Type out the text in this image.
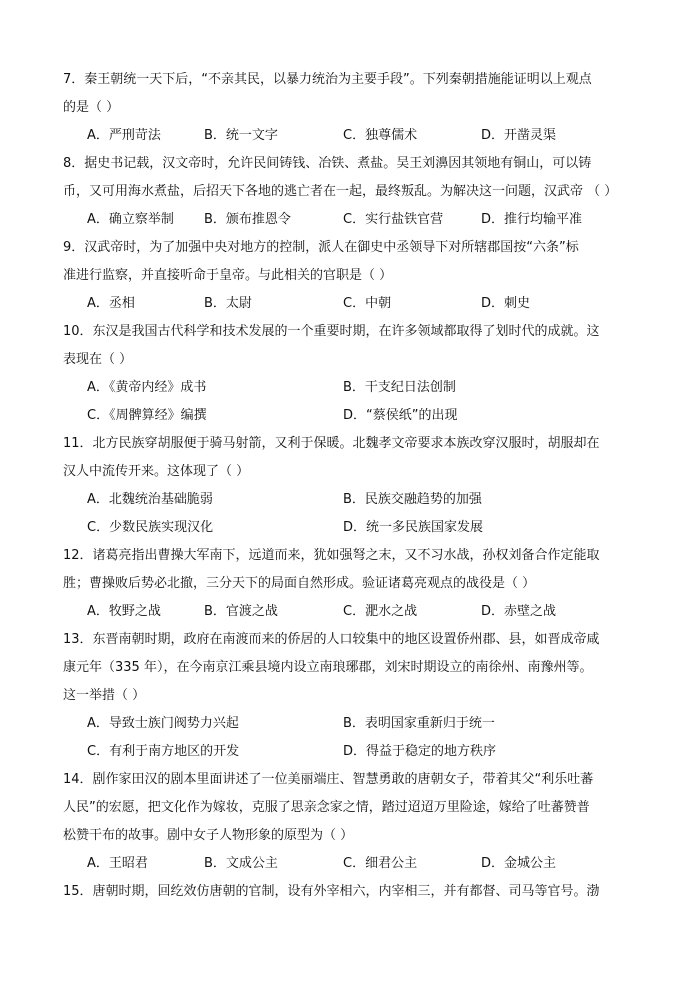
7．秦王朝统一天下后，“不亲其民，以暴力统治为主要手段”。下列秦朝措施能证明以上观点
的是（ ）
A．严刑苛法	B．统一文字	C．独尊儒术	D．开凿灵渠
8．据史书记载，汉文帝时，允许民间铸钱、冶铁、煮盐。吴王刘濞因其领地有铜山，可以铸
币，又可用海水煮盐，后招天下各地的逃亡者在一起，最终叛乱。为解决这一问题，汉武帝 （ ）
A．确立察举制 B．颁布推恩令	C．实行盐铁官营	D．推行均输平准
9．汉武帝时，为了加强中央对地方的控制，派人在御史中丞领导下对所辖郡国按“六条”标
准进行监察，并直接听命于皇帝。与此相关的官职是（ ）
A．丞相	B．太尉	C．中朝	D．刺史
10．东汉是我国古代科学和技术发展的一个重要时期，在许多领域都取得了划时代的成就。这
表现在（ ）
A．《黄帝内经》成书	B．干支纪日法创制
C．《周髀算经》编撰	D．“蔡侯纸”的出现
11．北方民族穿胡服便于骑马射箭，又利于保暖。北魏孝文帝要求本族改穿汉服时，胡服却在
汉人中流传开来。这体现了（ ）
A．北魏统治基础脆弱	B．民族交融趋势的加强
C．少数民族实现汉化	D．统一多民族国家发展
12．诸葛亮指出曹操大军南下，远道而来，犹如强弩之末，又不习水战，孙权刘备合作定能取
胜；曹操败后势必北撤，三分天下的局面自然形成。验证诸葛亮观点的战役是（ ）
A．牧野之战	B．官渡之战	C．淝水之战	D．赤壁之战
13．东晋南朝时期，政府在南渡而来的侨居的人口较集中的地区设置侨州郡、县，如晋成帝咸
康元年（335 年），在今南京江乘县境内设立南琅琊郡，刘宋时期设立的南徐州、南豫州等。
这一举措（ ）
A．导致士族门阀势力兴起	B．表明国家重新归于统一
C．有利于南方地区的开发	D．得益于稳定的地方秩序
14．剧作家田汉的剧本里面讲述了一位美丽端庄、智慧勇敢的唐朝女子，带着其父“利乐吐蕃
人民”的宏愿，把文化作为嫁妆，克服了思亲念家之情，踏过迢迢万里险途，嫁给了吐蕃赞普
松赞干布的故事。剧中女子人物形象的原型为（ ）
A．王昭君	B．文成公主	C．细君公主	D．金城公主
15．唐朝时期，回纥效仿唐朝的官制，设有外宰相六，内宰相三，并有都督、司马等官号。渤
